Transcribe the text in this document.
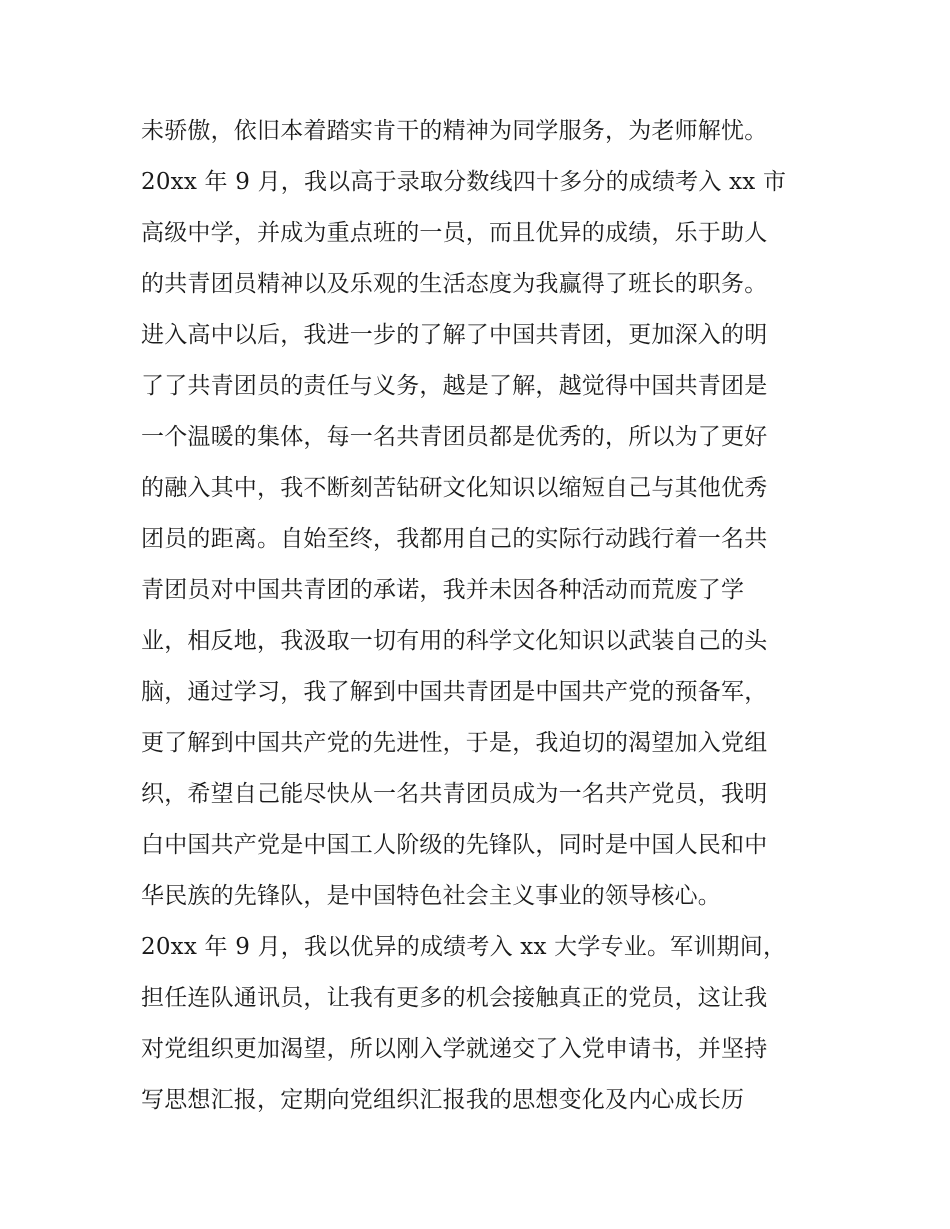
未骄傲，依旧本着踏实肯干的精神为同学服务，为老师解忧。
20xx 年 9 月，我以高于录取分数线四十多分的成绩考入 xx 市
高级中学，并成为重点班的一员，而且优异的成绩，乐于助人
的共青团员精神以及乐观的生活态度为我赢得了班长的职务。
进入高中以后，我进一步的了解了中国共青团，更加深入的明
了了共青团员的责任与义务，越是了解，越觉得中国共青团是
一个温暖的集体，每一名共青团员都是优秀的，所以为了更好
的融入其中，我不断刻苦钻研文化知识以缩短自己与其他优秀
团员的距离。自始至终，我都用自己的实际行动践行着一名共
青团员对中国共青团的承诺，我并未因各种活动而荒废了学
业，相反地，我汲取一切有用的科学文化知识以武装自己的头
脑，通过学习，我了解到中国共青团是中国共产党的预备军，
更了解到中国共产党的先进性，于是，我迫切的渴望加入党组
织，希望自己能尽快从一名共青团员成为一名共产党员，我明
白中国共产党是中国工人阶级的先锋队，同时是中国人民和中
华民族的先锋队，是中国特色社会主义事业的领导核心。
20xx 年 9 月，我以优异的成绩考入 xx 大学专业。军训期间，
担任连队通讯员，让我有更多的机会接触真正的党员，这让我
对党组织更加渴望，所以刚入学就递交了入党申请书，并坚持
写思想汇报，定期向党组织汇报我的思想变化及内心成长历
